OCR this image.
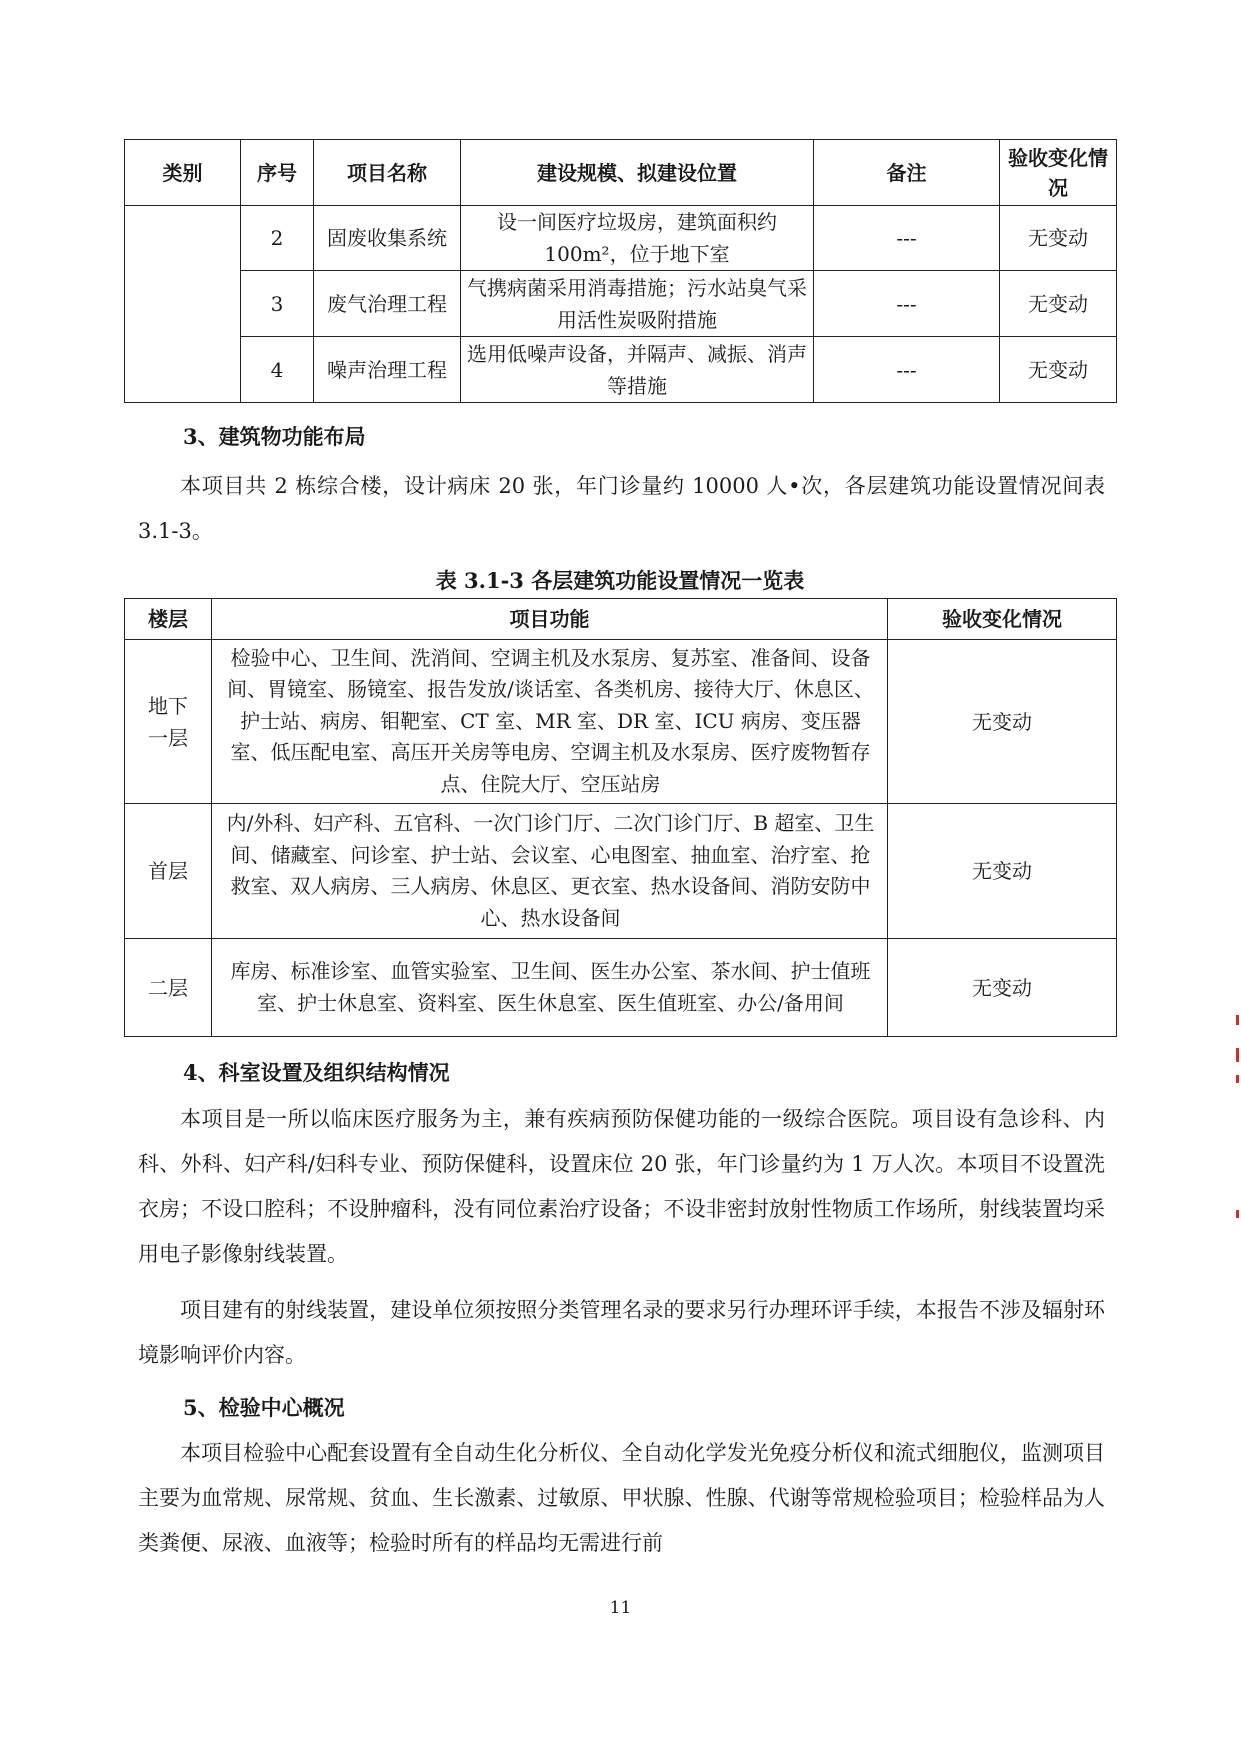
类别	序号	项目名称	建设规模、拟建设位置	备注	验收变化情况
	2	固废收集系统	设一间医疗垃圾房，建筑面积约100m²，位于地下室	---	无变动
	3	废气治理工程	气携病菌采用消毒措施；污水站臭气采用活性炭吸附措施	---	无变动
	4	噪声治理工程	选用低噪声设备，并隔声、减振、消声等措施	---	无变动
3、建筑物功能布局
本项目共 2 栋综合楼，设计病床 20 张，年门诊量约 10000 人•次，各层建筑功能设置情况间表 3.1-3。
表 3.1-3 各层建筑功能设置情况一览表
楼层	项目功能	验收变化情况
地下一层	检验中心、卫生间、洗消间、空调主机及水泵房、复苏室、准备间、设备间、胃镜室、肠镜室、报告发放/谈话室、各类机房、接待大厅、休息区、护士站、病房、钼靶室、CT 室、MR 室、DR 室、ICU 病房、变压器室、低压配电室、高压开关房等电房、空调主机及水泵房、医疗废物暂存点、住院大厅、空压站房	无变动
首层	内/外科、妇产科、五官科、一次门诊门厅、二次门诊门厅、B 超室、卫生间、储藏室、问诊室、护士站、会议室、心电图室、抽血室、治疗室、抢救室、双人病房、三人病房、休息区、更衣室、热水设备间、消防安防中心、热水设备间	无变动
二层	库房、标准诊室、血管实验室、卫生间、医生办公室、茶水间、护士值班室、护士休息室、资料室、医生休息室、医生值班室、办公/备用间	无变动
4、科室设置及组织结构情况
本项目是一所以临床医疗服务为主，兼有疾病预防保健功能的一级综合医院。项目设有急诊科、内科、外科、妇产科/妇科专业、预防保健科，设置床位 20 张，年门诊量约为 1 万人次。本项目不设置洗衣房；不设口腔科；不设肿瘤科，没有同位素治疗设备；不设非密封放射性物质工作场所，射线装置均采用电子影像射线装置。
项目建有的射线装置，建设单位须按照分类管理名录的要求另行办理环评手续，本报告不涉及辐射环境影响评价内容。
5、检验中心概况
本项目检验中心配套设置有全自动生化分析仪、全自动化学发光免疫分析仪和流式细胞仪，监测项目主要为血常规、尿常规、贫血、生长激素、过敏原、甲状腺、性腺、代谢等常规检验项目；检验样品为人类粪便、尿液、血液等；检验时所有的样品均无需进行前
11
